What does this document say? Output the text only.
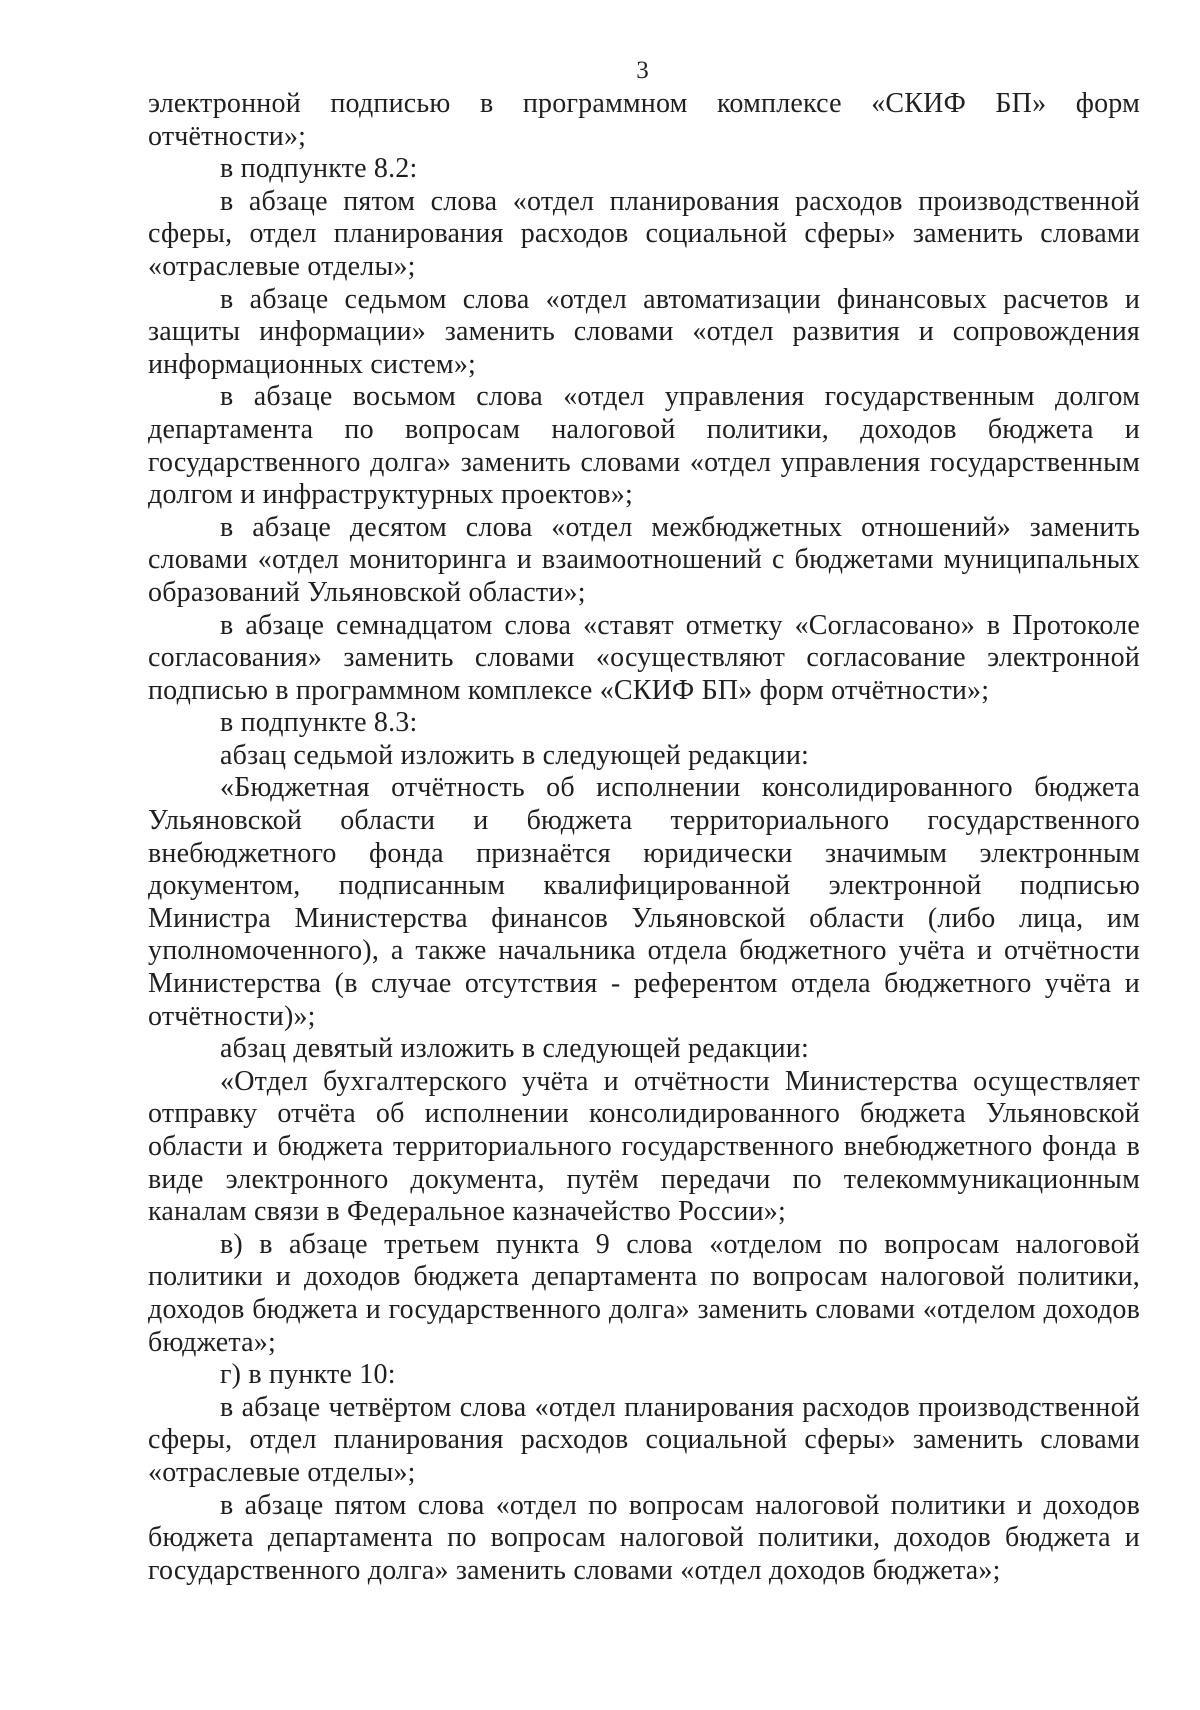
3

электронной подписью в программном комплексе «СКИФ БП» форм отчётности»;

в подпункте 8.2:

в абзаце пятом слова «отдел планирования расходов производственной сферы, отдел планирования расходов социальной сферы» заменить словами «отраслевые отделы»;

в абзаце седьмом слова «отдел автоматизации финансовых расчетов и защиты информации» заменить словами «отдел развития и сопровождения информационных систем»;

в абзаце восьмом слова «отдел управления государственным долгом департамента по вопросам налоговой политики, доходов бюджета и государственного долга» заменить словами «отдел управления государственным долгом и инфраструктурных проектов»;

в абзаце десятом слова «отдел межбюджетных отношений» заменить словами «отдел мониторинга и взаимоотношений с бюджетами муниципальных образований Ульяновской области»;

в абзаце семнадцатом слова «ставят отметку «Согласовано» в Протоколе согласования» заменить словами «осуществляют согласование электронной подписью в программном комплексе «СКИФ БП» форм отчётности»;

в подпункте 8.3:

абзац седьмой изложить в следующей редакции:

«Бюджетная отчётность об исполнении консолидированного бюджета Ульяновской области и бюджета территориального государственного внебюджетного фонда признаётся юридически значимым электронным документом, подписанным квалифицированной электронной подписью Министра Министерства финансов Ульяновской области (либо лица, им уполномоченного), а также начальника отдела бюджетного учёта и отчётности Министерства (в случае отсутствия - референтом отдела бюджетного учёта и отчётности)»;

абзац девятый изложить в следующей редакции:

«Отдел бухгалтерского учёта и отчётности Министерства осуществляет отправку отчёта об исполнении консолидированного бюджета Ульяновской области и бюджета территориального государственного внебюджетного фонда в виде электронного документа, путём передачи по телекоммуникационным каналам связи в Федеральное казначейство России»;

в) в абзаце третьем пункта 9 слова «отделом по вопросам налоговой политики и доходов бюджета департамента по вопросам налоговой политики, доходов бюджета и государственного долга» заменить словами «отделом доходов бюджета»;

г) в пункте 10:

в абзаце четвёртом слова «отдел планирования расходов производственной сферы, отдел планирования расходов социальной сферы» заменить словами «отраслевые отделы»;

в абзаце пятом слова «отдел по вопросам налоговой политики и доходов бюджета департамента по вопросам налоговой политики, доходов бюджета и государственного долга» заменить словами «отдел доходов бюджета»;
